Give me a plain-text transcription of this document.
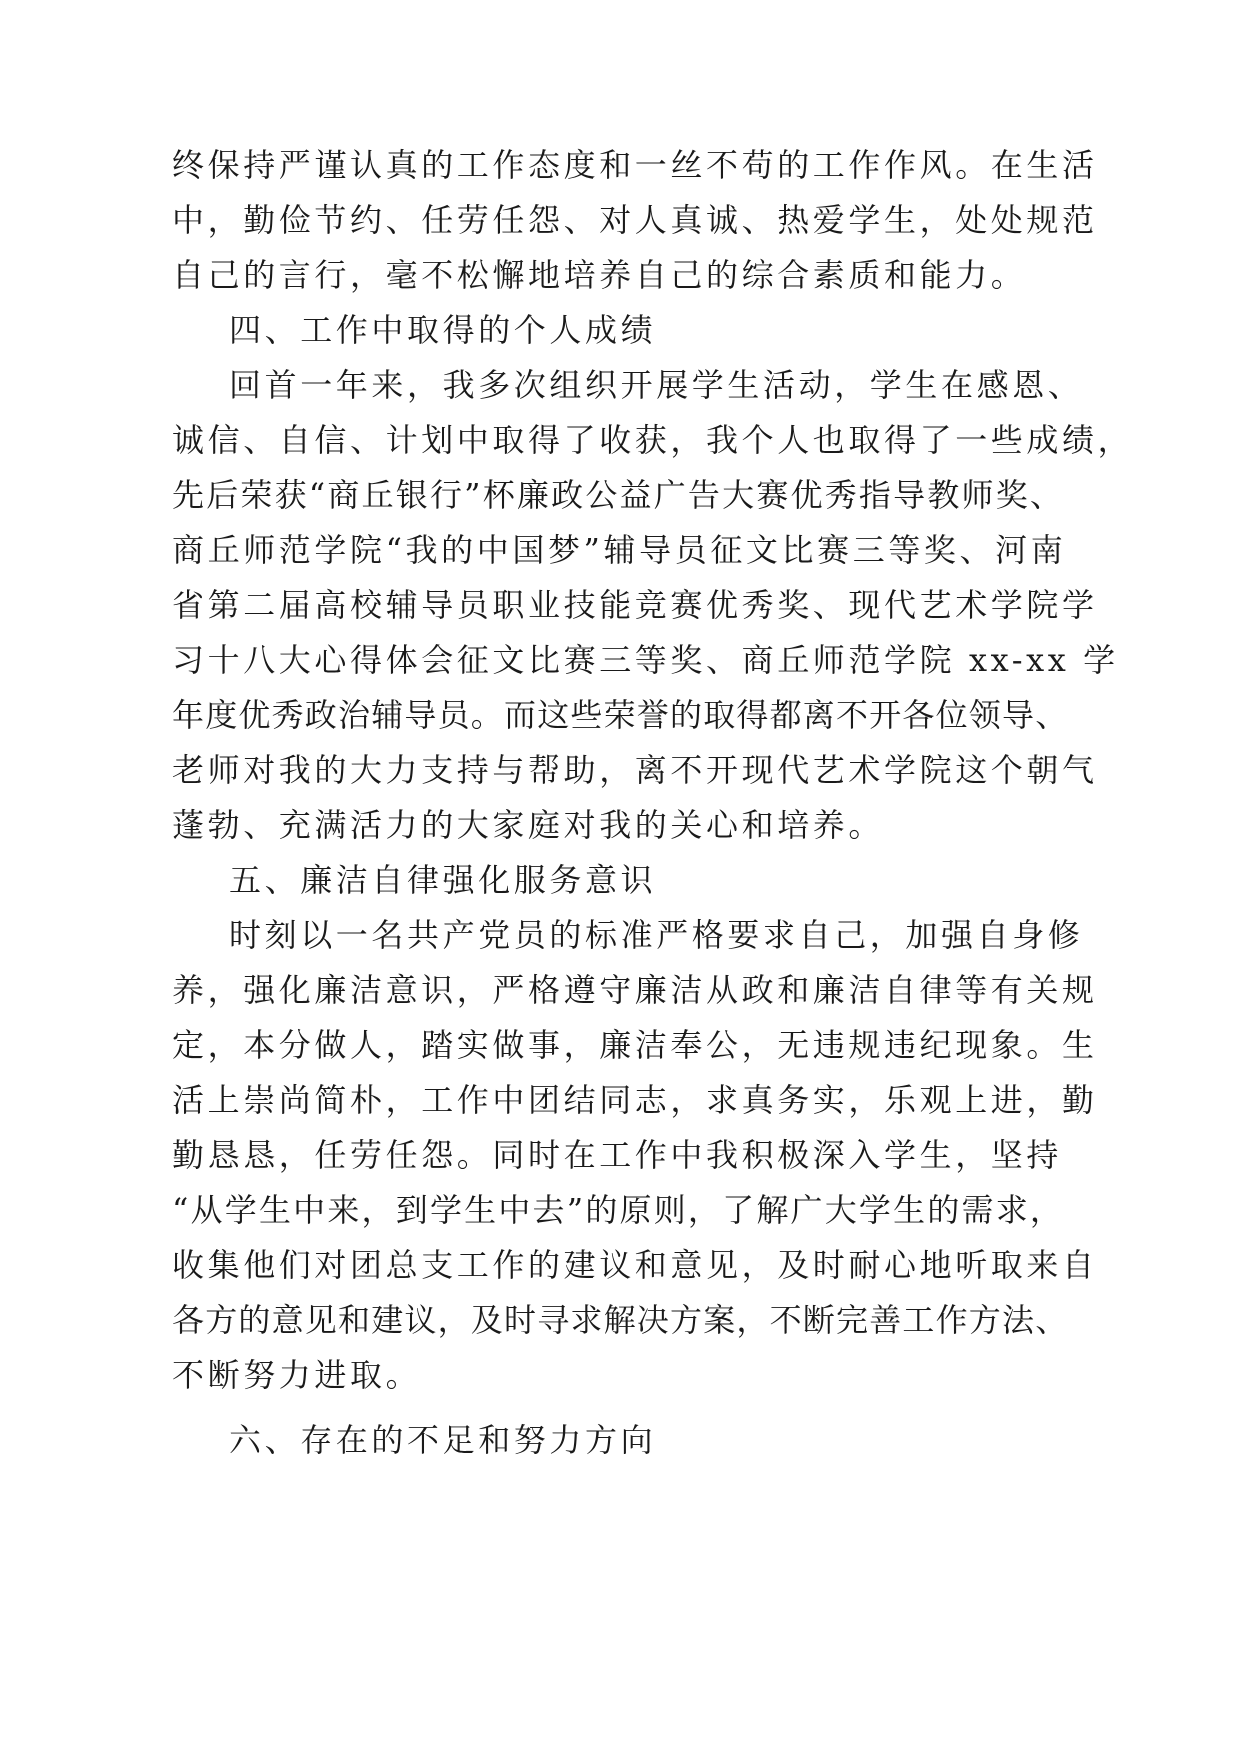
终保持严谨认真的工作态度和一丝不苟的工作作风。在生活
中，勤俭节约、任劳任怨、对人真诚、热爱学生，处处规范
自己的言行，毫不松懈地培养自己的综合素质和能力。
四、工作中取得的个人成绩
回首一年来，我多次组织开展学生活动，学生在感恩、
诚信、自信、计划中取得了收获，我个人也取得了一些成绩，
先后荣获“商丘银行”杯廉政公益广告大赛优秀指导教师奖、
商丘师范学院“我的中国梦”辅导员征文比赛三等奖、河南
省第二届高校辅导员职业技能竞赛优秀奖、现代艺术学院学
习十八大心得体会征文比赛三等奖、商丘师范学院 xx-xx 学
年度优秀政治辅导员。而这些荣誉的取得都离不开各位领导、
老师对我的大力支持与帮助，离不开现代艺术学院这个朝气
蓬勃、充满活力的大家庭对我的关心和培养。
五、廉洁自律强化服务意识
时刻以一名共产党员的标准严格要求自己，加强自身修
养，强化廉洁意识，严格遵守廉洁从政和廉洁自律等有关规
定，本分做人，踏实做事，廉洁奉公，无违规违纪现象。生
活上崇尚简朴，工作中团结同志，求真务实，乐观上进，勤
勤恳恳，任劳任怨。同时在工作中我积极深入学生，坚持
“从学生中来，到学生中去”的原则，了解广大学生的需求，
收集他们对团总支工作的建议和意见，及时耐心地听取来自
各方的意见和建议，及时寻求解决方案，不断完善工作方法、
不断努力进取。
六、存在的不足和努力方向
